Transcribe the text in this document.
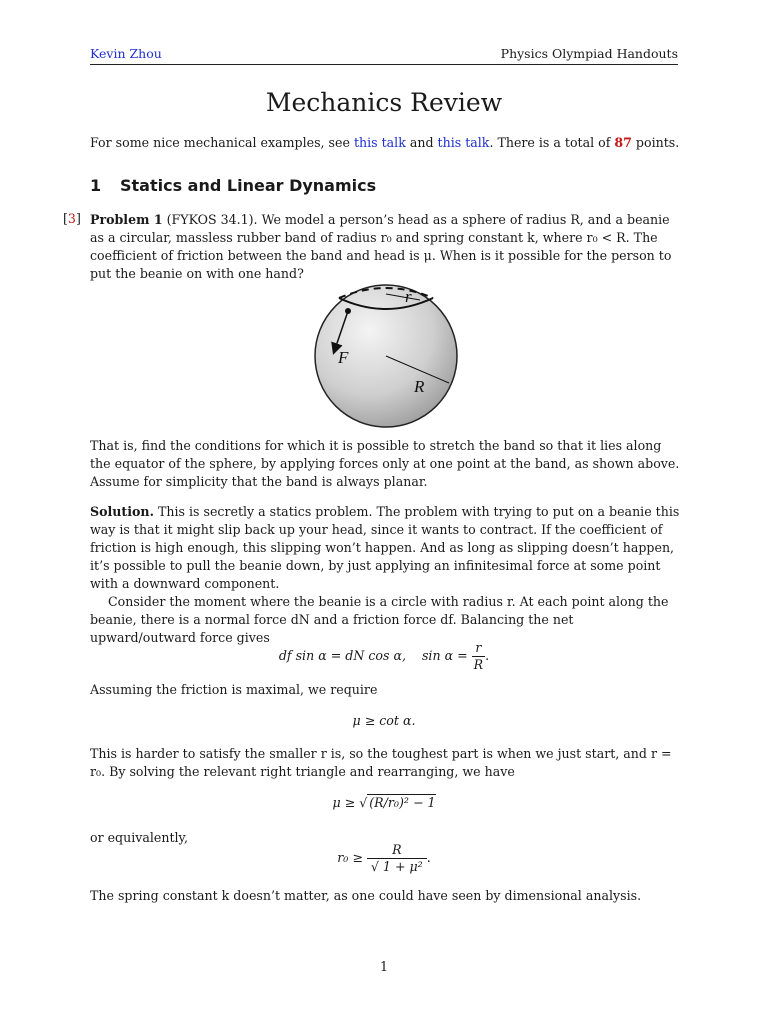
Kevin Zhou	Physics Olympiad Handouts
Mechanics Review
For some nice mechanical examples, see this talk and this talk. There is a total of 87 points.
1 Statics and Linear Dynamics
[3] Problem 1 (FYKOS 34.1). We model a person’s head as a sphere of radius R, and a beanie as a circular, massless rubber band of radius r₀ and spring constant k, where r₀ < R. The coefficient of friction between the band and head is μ. When is it possible for the person to put the beanie on with one hand?
r
F
R
That is, find the conditions for which it is possible to stretch the band so that it lies along the equator of the sphere, by applying forces only at one point at the band, as shown above. Assume for simplicity that the band is always planar.
Solution. This is secretly a statics problem. The problem with trying to put on a beanie this way is that it might slip back up your head, since it wants to contract. If the coefficient of friction is high enough, this slipping won’t happen. And as long as slipping doesn’t happen, it’s possible to pull the beanie down, by just applying an infinitesimal force at some point with a downward component.
Consider the moment where the beanie is a circle with radius r. At each point along the beanie, there is a normal force dN and a friction force df. Balancing the net upward/outward force gives
df sin α = dN cos α,    $\sin \alpha = \frac{r}{R}$ .
Assuming the friction is maximal, we require
μ ≥ cot α.
This is harder to satisfy the smaller r is, so the toughest part is when we just start, and r = r₀. By solving the relevant right triangle and rearranging, we have
μ ≥ √ (R/r₀)² − 1
or equivalently,
$r_0 \ge \frac{R}{\text{√ 1 + μ²}}$ .
The spring constant k doesn’t matter, as one could have seen by dimensional analysis.
1
